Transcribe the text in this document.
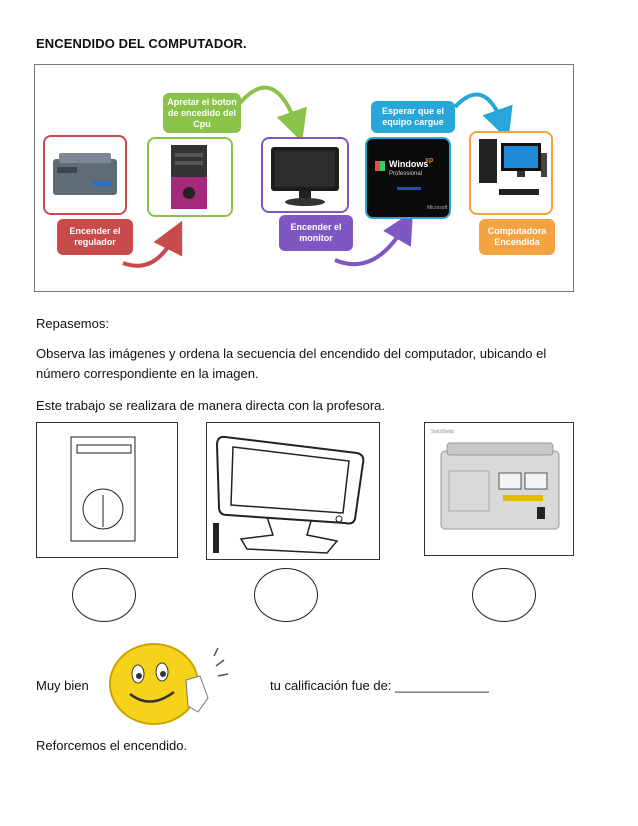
ENCENDIDO DEL COMPUTADOR.
Encender el regulador
Apretar el boton de encedido del Cpu
Encender el monitor
Windows
xp
Professional
Microsoft
Esperar que el equipo cargue
Computadora Encendida
Repasemos:
Observa las imágenes y ordena la secuencia del encendido del computador, ubicando el
número correspondiente en la imagen.
Este trabajo se realizara de manera directa con la profesora.
SoloShelp
Muy bien	tu calificación fue de: _____________
Reforcemos el encendido.
